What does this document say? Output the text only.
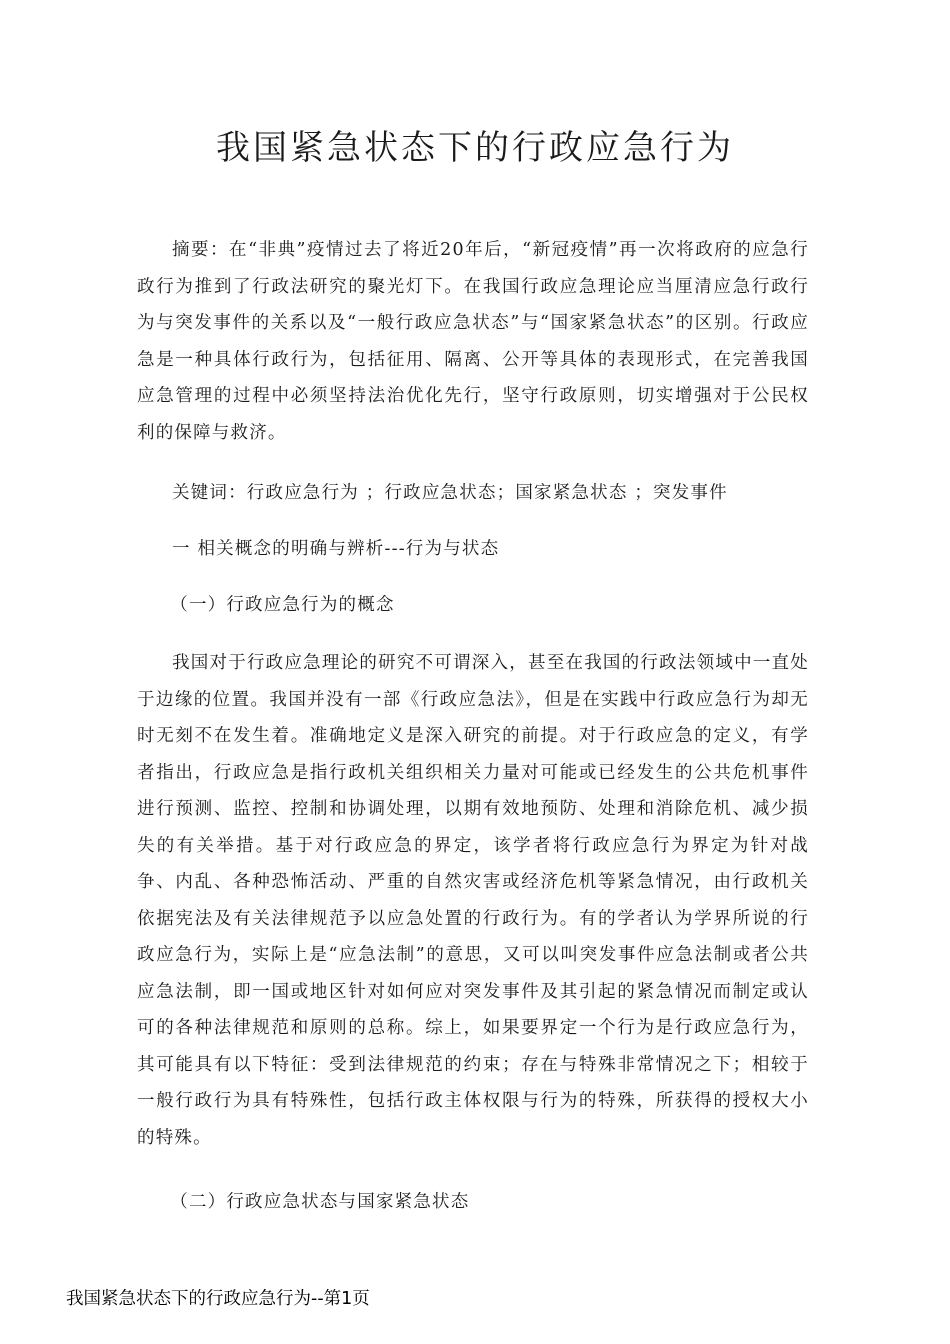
我国紧急状态下的行政应急行为

摘要：在“非典”疫情过去了将近20年后，“新冠疫情”再一次将政府的应急行政行为推到了行政法研究的聚光灯下。在我国行政应急理论应当厘清应急行政行为与突发事件的关系以及“一般行政应急状态”与“国家紧急状态”的区别。行政应急是一种具体行政行为，包括征用、隔离、公开等具体的表现形式，在完善我国应急管理的过程中必须坚持法治优化先行，坚守行政原则，切实增强对于公民权利的保障与救济。

关键词：行政应急行为 ；行政应急状态；国家紧急状态 ；突发事件

一 相关概念的明确与辨析---行为与状态

（一）行政应急行为的概念

我国对于行政应急理论的研究不可谓深入，甚至在我国的行政法领域中一直处于边缘的位置。我国并没有一部《行政应急法》，但是在实践中行政应急行为却无时无刻不在发生着。准确地定义是深入研究的前提。对于行政应急的定义，有学者指出，行政应急是指行政机关组织相关力量对可能或已经发生的公共危机事件进行预测、监控、控制和协调处理，以期有效地预防、处理和消除危机、减少损失的有关举措。基于对行政应急的界定，该学者将行政应急行为界定为针对战争、内乱、各种恐怖活动、严重的自然灾害或经济危机等紧急情况，由行政机关依据宪法及有关法律规范予以应急处置的行政行为。有的学者认为学界所说的行政应急行为，实际上是“应急法制”的意思，又可以叫突发事件应急法制或者公共应急法制，即一国或地区针对如何应对突发事件及其引起的紧急情况而制定或认可的各种法律规范和原则的总称。综上，如果要界定一个行为是行政应急行为，其可能具有以下特征：受到法律规范的约束；存在与特殊非常情况之下；相较于一般行政行为具有特殊性，包括行政主体权限与行为的特殊，所获得的授权大小的特殊。

（二）行政应急状态与国家紧急状态

我国紧急状态下的行政应急行为--第1页
